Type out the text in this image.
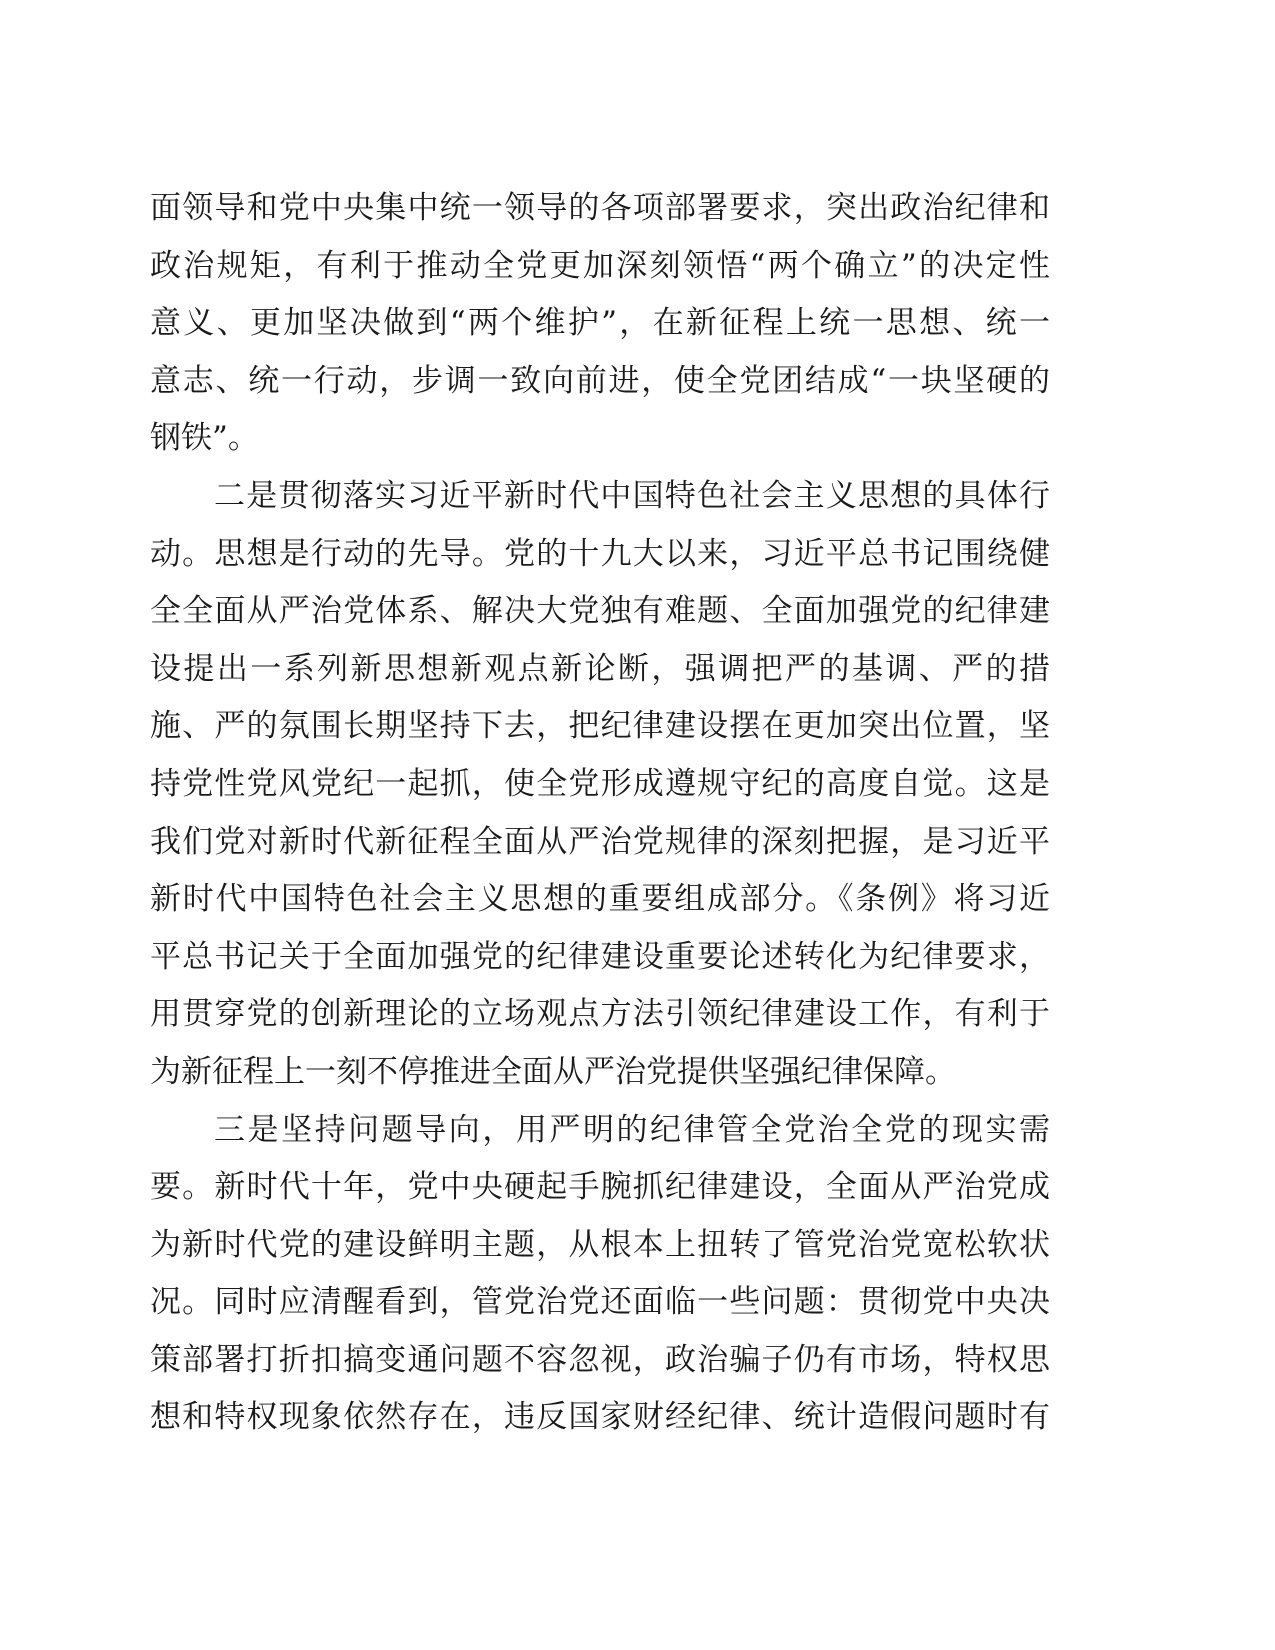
面领导和党中央集中统一领导的各项部署要求，突出政治纪律和
政治规矩，有利于推动全党更加深刻领悟“两个确立”的决定性
意义、更加坚决做到“两个维护”，在新征程上统一思想、统一
意志、统一行动，步调一致向前进，使全党团结成“一块坚硬的
钢铁”。
二是贯彻落实习近平新时代中国特色社会主义思想的具体行
动。思想是行动的先导。党的十九大以来，习近平总书记围绕健
全全面从严治党体系、解决大党独有难题、全面加强党的纪律建
设提出一系列新思想新观点新论断，强调把严的基调、严的措
施、严的氛围长期坚持下去，把纪律建设摆在更加突出位置，坚
持党性党风党纪一起抓，使全党形成遵规守纪的高度自觉。这是
我们党对新时代新征程全面从严治党规律的深刻把握，是习近平
新时代中国特色社会主义思想的重要组成部分。《条例》将习近
平总书记关于全面加强党的纪律建设重要论述转化为纪律要求，
用贯穿党的创新理论的立场观点方法引领纪律建设工作，有利于
为新征程上一刻不停推进全面从严治党提供坚强纪律保障。
三是坚持问题导向，用严明的纪律管全党治全党的现实需
要。新时代十年，党中央硬起手腕抓纪律建设，全面从严治党成
为新时代党的建设鲜明主题，从根本上扭转了管党治党宽松软状
况。同时应清醒看到，管党治党还面临一些问题：贯彻党中央决
策部署打折扣搞变通问题不容忽视，政治骗子仍有市场，特权思
想和特权现象依然存在，违反国家财经纪律、统计造假问题时有
